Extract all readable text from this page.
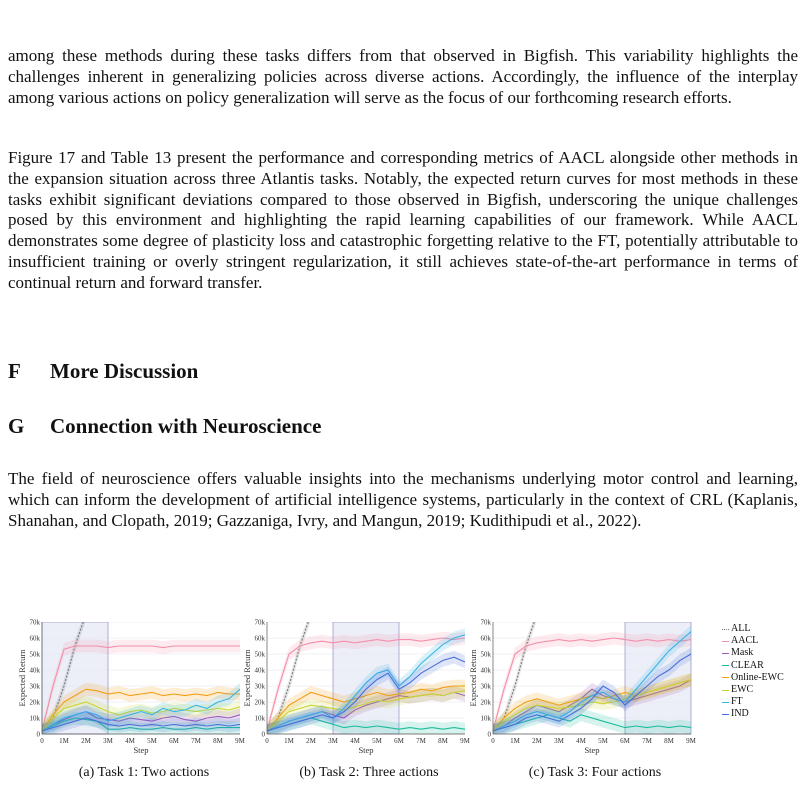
among these methods during these tasks differs from that observed in Bigfish. This variability highlights the challenges inherent in generalizing policies across diverse actions. Accordingly, the influence of the interplay among various actions on policy generalization will serve as the focus of our forthcoming research efforts.

Figure 17 and Table 13 present the performance and corresponding metrics of AACL alongside other methods in the expansion situation across three Atlantis tasks. Notably, the expected return curves for most methods in these tasks exhibit significant deviations compared to those observed in Bigfish, underscoring the unique challenges posed by this environment and highlighting the rapid learning capabilities of our framework. While AACL demonstrates some degree of plasticity loss and catastrophic forgetting relative to the FT, potentially attributable to insufficient training or overly stringent regularization, it still achieves state-of-the-art performance in terms of continual return and forward transfer.

F More Discussion
G Connection with Neuroscience

The field of neuroscience offers valuable insights into the mechanisms underlying motor control and learning, which can inform the development of artificial intelligence systems, particularly in the context of CRL (Kaplanis, Shanahan, and Clopath, 2019; Gazzaniga, Ivry, and Mangun, 2019; Kudithipudi et al., 2022).

0
10k
20k
30k
40k
50k
60k
70k
0 1M 2M 3M 4M 5M 6M 7M 8M 9M
Step
Expected Return
0
10k
20k
30k
40k
50k
60k
70k
0 1M 2M 3M 4M 5M 6M 7M 8M 9M
Step
Expected Return
0
10k
20k
30k
40k
50k
60k
70k
0 1M 2M 3M 4M 5M 6M 7M 8M 9M
Step
Expected Return
(a) Task 1: Two actions	(b) Task 2: Three actions	(c) Task 3: Four actions
ALL
AACL
Mask
CLEAR
Online-EWC
EWC
FT
IND
